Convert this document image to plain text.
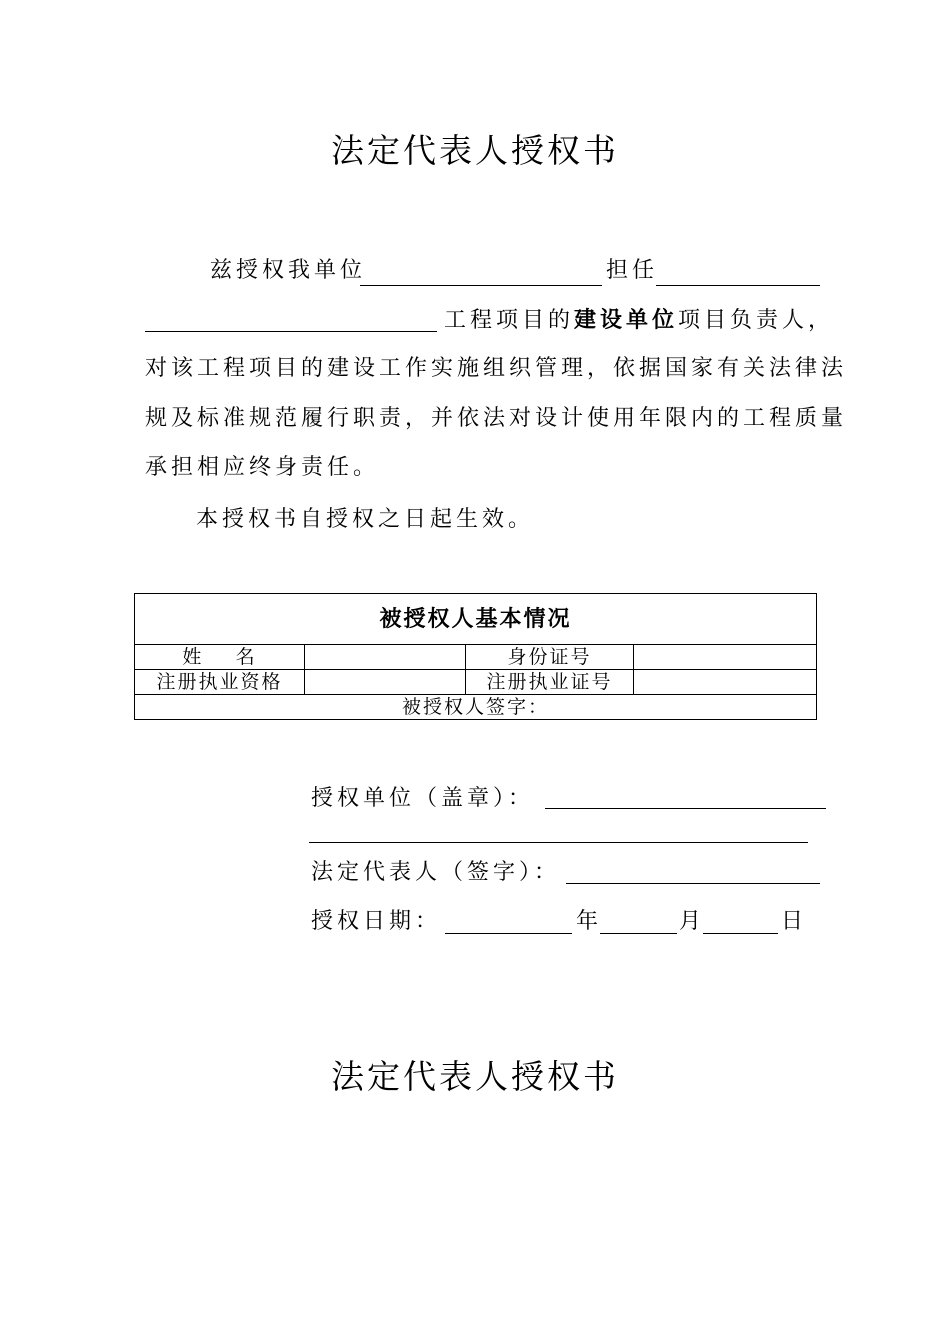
法定代表人授权书
兹授权我单位	担任
工程项目的建设单位项目负责人，
对该工程项目的建设工作实施组织管理，依据国家有关法律法
规及标准规范履行职责，并依法对设计使用年限内的工程质量
承担相应终身责任。
本授权书自授权之日起生效。
被授权人基本情况			
姓    名		身份证号	
注册执业资格		注册执业证号	
被授权人签字：			
授权单位（盖章）：
法定代表人（签字）：
授权日期：	年	月	日
法定代表人授权书
